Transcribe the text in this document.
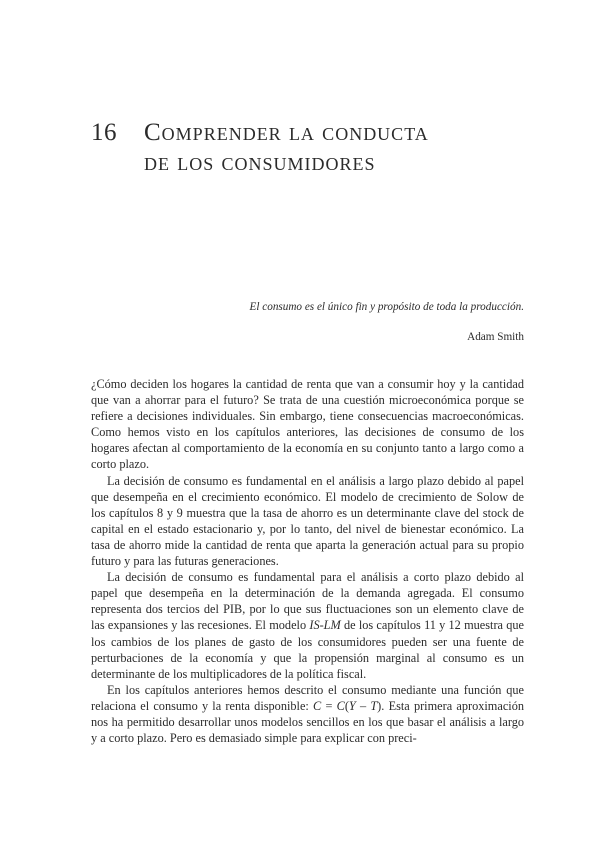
16 Comprender la conducta
de los consumidores

El consumo es el único fin y propósito de toda la producción.

Adam Smith

¿Cómo deciden los hogares la cantidad de renta que van a consumir hoy y la cantidad que van a ahorrar para el futuro? Se trata de una cuestión microeconómica porque se refiere a decisiones individuales. Sin embargo, tiene consecuencias macroeconómicas. Como hemos visto en los capítulos anteriores, las decisiones de consumo de los hogares afectan al comportamiento de la economía en su conjunto tanto a largo como a corto plazo.

La decisión de consumo es fundamental en el análisis a largo plazo debido al papel que desempeña en el crecimiento económico. El modelo de crecimiento de Solow de los capítulos 8 y 9 muestra que la tasa de ahorro es un determinante clave del stock de capital en el estado estacionario y, por lo tanto, del nivel de bienestar económico. La tasa de ahorro mide la cantidad de renta que aparta la generación actual para su propio futuro y para las futuras generaciones.

La decisión de consumo es fundamental para el análisis a corto plazo debido al papel que desempeña en la determinación de la demanda agregada. El consumo representa dos tercios del PIB, por lo que sus fluctuaciones son un elemento clave de las expansiones y las recesiones. El modelo IS-LM de los capítulos 11 y 12 muestra que los cambios de los planes de gasto de los consumidores pueden ser una fuente de perturbaciones de la economía y que la propensión marginal al consumo es un determinante de los multiplicadores de la política fiscal.

En los capítulos anteriores hemos descrito el consumo mediante una función que relaciona el consumo y la renta disponible: C = C(Y – T). Esta primera aproximación nos ha permitido desarrollar unos modelos sencillos en los que basar el análisis a largo y a corto plazo. Pero es demasiado simple para explicar con preci-
